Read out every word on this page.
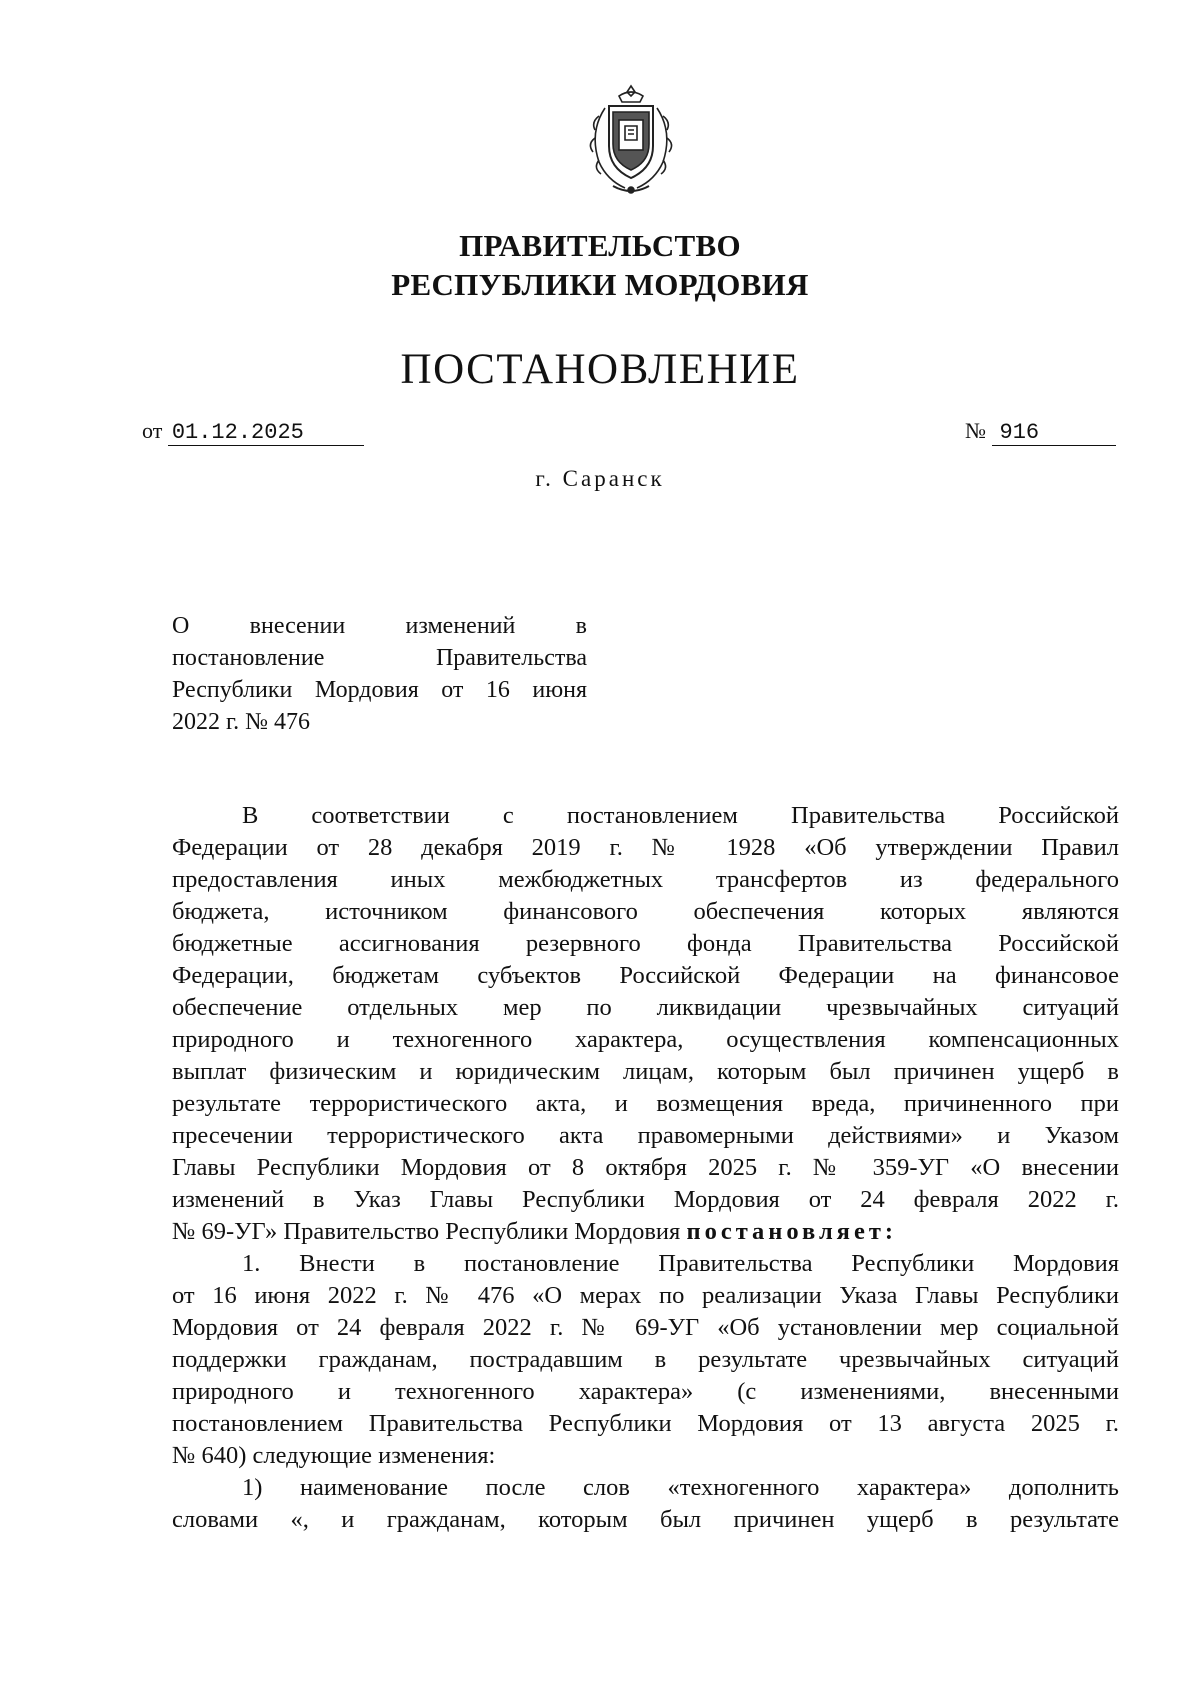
ПРАВИТЕЛЬСТВО
РЕСПУБЛИКИ МОРДОВИЯ
ПОСТАНОВЛЕНИЕ
от 01.12.2025	№ 916
г. Саранск
О внесении изменений в
постановление Правительства
Республики Мордовия от 16 июня
2022 г. № 476
В соответствии с постановлением Правительства Российской
Федерации от 28 декабря 2019 г. № 1928 «Об утверждении Правил
предоставления иных межбюджетных трансфертов из федерального
бюджета, источником финансового обеспечения которых являются
бюджетные ассигнования резервного фонда Правительства Российской
Федерации, бюджетам субъектов Российской Федерации на финансовое
обеспечение отдельных мер по ликвидации чрезвычайных ситуаций
природного и техногенного характера, осуществления компенсационных
выплат физическим и юридическим лицам, которым был причинен ущерб в
результате террористического акта, и возмещения вреда, причиненного при
пресечении террористического акта правомерными действиями» и Указом
Главы Республики Мордовия от 8 октября 2025 г. № 359-УГ «О внесении
изменений в Указ Главы Республики Мордовия от 24 февраля 2022 г.
№ 69-УГ» Правительство Республики Мордовия постановляет:
1. Внести в постановление Правительства Республики Мордовия
от 16 июня 2022 г. № 476 «О мерах по реализации Указа Главы Республики
Мордовия от 24 февраля 2022 г. № 69-УГ «Об установлении мер социальной
поддержки гражданам, пострадавшим в результате чрезвычайных ситуаций
природного и техногенного характера» (с изменениями, внесенными
постановлением Правительства Республики Мордовия от 13 августа 2025 г.
№ 640) следующие изменения:
1) наименование после слов «техногенного характера» дополнить
словами «, и гражданам, которым был причинен ущерб в результате
